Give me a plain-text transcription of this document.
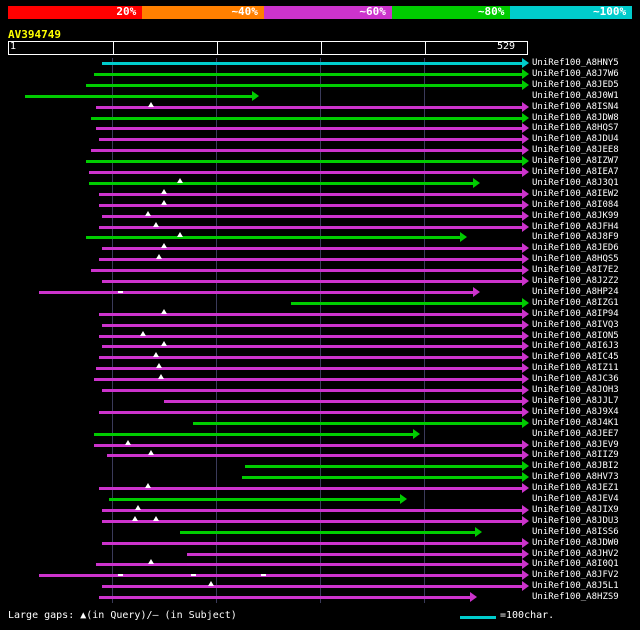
20%	~40%	~60%	~80%	~100%
AV394749
1	529
UniRef100_A8HNY5
UniRef100_A8J7W6
UniRef100_A8JED5
UniRef100_A8J0W1
UniRef100_A8ISN4
UniRef100_A8JDW8
UniRef100_A8HQS7
UniRef100_A8JDU4
UniRef100_A8JEE8
UniRef100_A8IZW7
UniRef100_A8IEA7
UniRef100_A8J3Q1
UniRef100_A8IEW2
UniRef100_A8I084
UniRef100_A8JK99
UniRef100_A8JFH4
UniRef100_A8J8F9
UniRef100_A8JED6
UniRef100_A8HQS5
UniRef100_A8I7E2
UniRef100_A8J2Z2
UniRef100_A8HP24
UniRef100_A8IZG1
UniRef100_A8IP94
UniRef100_A8IVQ3
UniRef100_A8ION5
UniRef100_A8I6J3
UniRef100_A8IC45
UniRef100_A8IZ11
UniRef100_A8JC36
UniRef100_A8JOH3
UniRef100_A8JJL7
UniRef100_A8J9X4
UniRef100_A8J4K1
UniRef100_A8JEE7
UniRef100_A8JEV9
UniRef100_A8IIZ9
UniRef100_A8JBI2
UniRef100_A8HV73
UniRef100_A8JEZ1
UniRef100_A8JEV4
UniRef100_A8JIX9
UniRef100_A8JDU3
UniRef100_A8ISS6
UniRef100_A8JDW0
UniRef100_A8JHV2
UniRef100_A8I0Q1
UniRef100_A8JFV2
UniRef100_A8J5L1
UniRef100_A8HZS9
Large gaps: ▲(in Query)/– (in Subject)	=100char.
